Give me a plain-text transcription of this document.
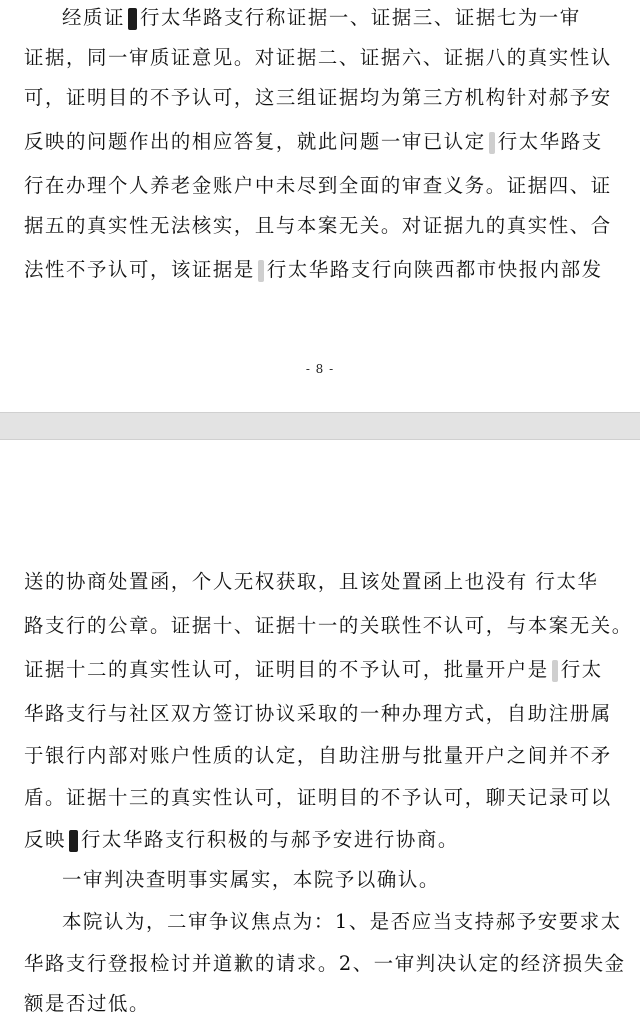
经质证 行太华路支行称证据一、证据三、证据七为一审
证据，同一审质证意见。对证据二、证据六、证据八的真实性认
可，证明目的不予认可，这三组证据均为第三方机构针对郝予安
反映的问题作出的相应答复，就此问题一审已认定 行太华路支
行在办理个人养老金账户中未尽到全面的审查义务。证据四、证
据五的真实性无法核实，且与本案无关。对证据九的真实性、合
法性不予认可，该证据是 行太华路支行向陕西都市快报内部发
- 8 -
送的协商处置函，个人无权获取，且该处置函上也没有 行太华
路支行的公章。证据十、证据十一的关联性不认可，与本案无关。
证据十二的真实性认可，证明目的不予认可，批量开户是 行太
华路支行与社区双方签订协议采取的一种办理方式，自助注册属
于银行内部对账户性质的认定，自助注册与批量开户之间并不矛
盾。证据十三的真实性认可，证明目的不予认可，聊天记录可以
反映 行太华路支行积极的与郝予安进行协商。
一审判决查明事实属实，本院予以确认。
本院认为，二审争议焦点为：1、是否应当支持郝予安要求太
华路支行登报检讨并道歉的请求。2、一审判决认定的经济损失金
额是否过低。
